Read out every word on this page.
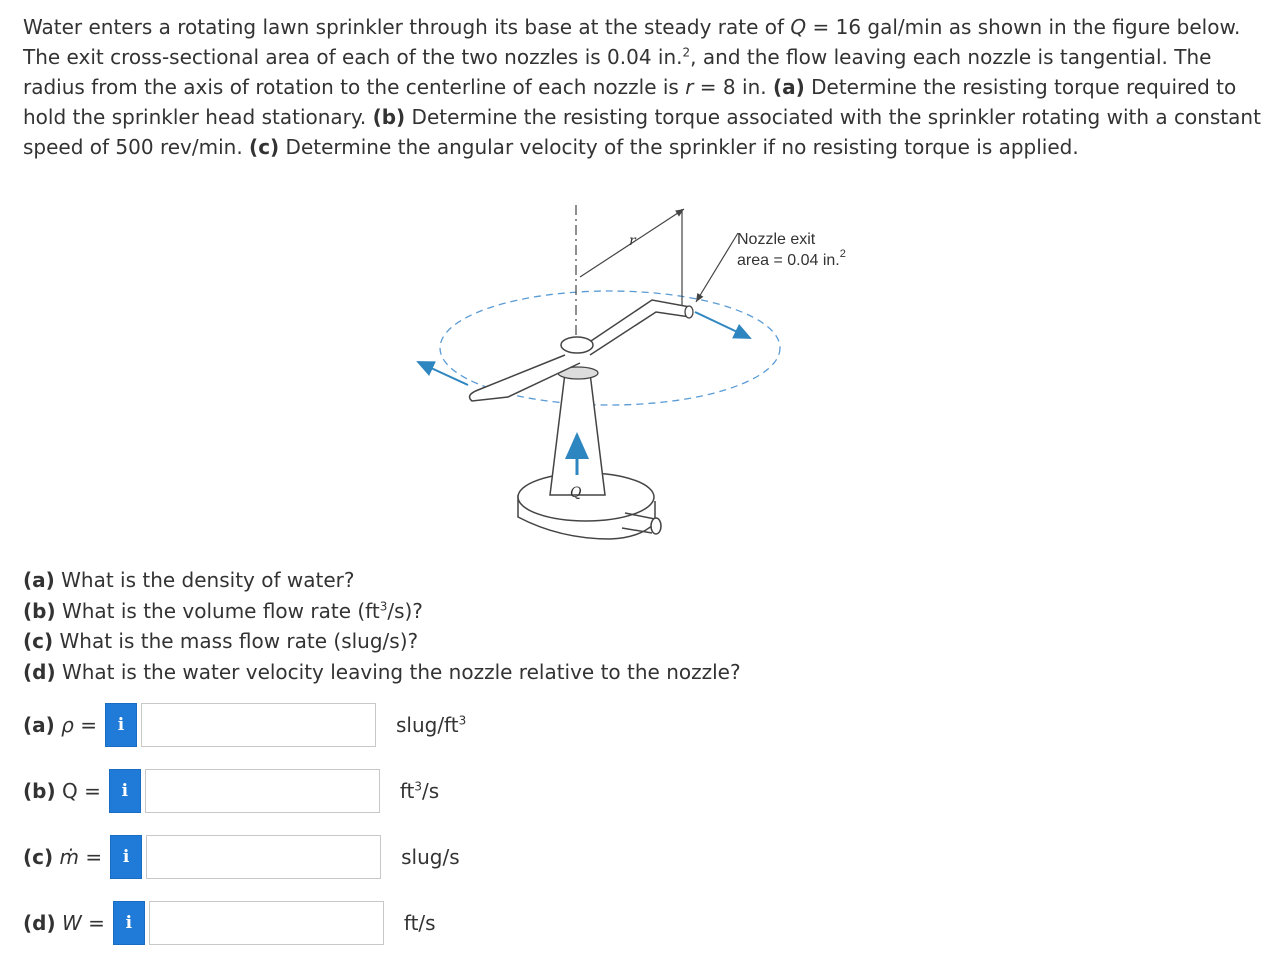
Water enters a rotating lawn sprinkler through its base at the steady rate of Q = 16 gal/min as shown in the figure below. The exit cross-sectional area of each of the two nozzles is 0.04 in.$^2$, and the flow leaving each nozzle is tangential. The radius from the axis of rotation to the centerline of each nozzle is r = 8 in. (a) Determine the resisting torque required to hold the sprinkler head stationary. (b) Determine the resisting torque associated with the sprinkler rotating with a constant speed of 500 rev/min. (c) Determine the angular velocity of the sprinkler if no resisting torque is applied.

r
Q
Nozzle exit
area = 0.04 in.$^2$
(a) What is the density of water?
(b) What is the volume flow rate $(ft^3/s)$?
(c) What is the mass flow rate (slug/s)?
(d) What is the water velocity leaving the nozzle relative to the nozzle?
(a) ρ =	i	slug/$ft^3$
(b) Q =	i	$ft^3/s$
(c) ṁ =	i	slug/s
(d) W =	i	ft/s
